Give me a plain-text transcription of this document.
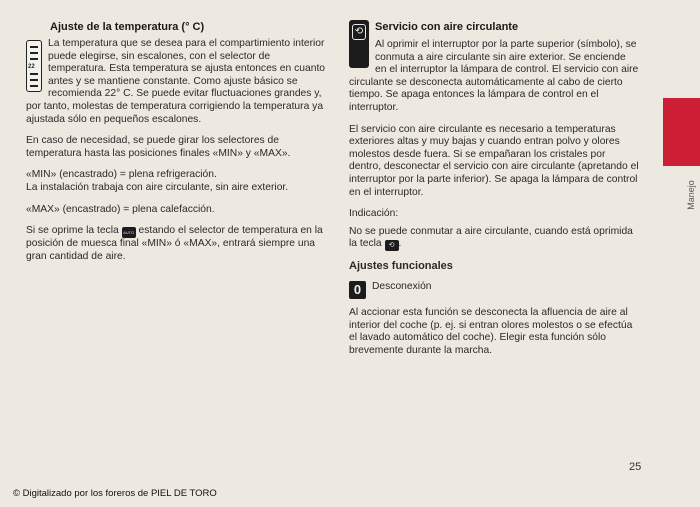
Ajuste de la temperatura (° C)
22

La temperatura que se desea para el compartimiento interior puede elegirse, sin escalones, con el selector de temperatura. Esta temperatura se ajusta entonces en cuanto antes y se mantiene constante. Como ajuste básico se recomienda 22° C. Se puede evitar fluctuaciones grandes y, por tanto, molestas de temperatura corrigiendo la temperatura ya ajustada sólo en pequeños escalones.

En caso de necesidad, se puede girar los selectores de temperatura hasta las posiciones finales «MIN» y «MAX».

«MIN» (encastrado) = plena refrigeración.
La instalación trabaja con aire circulante, sin aire exterior.

«MAX» (encastrado) = plena calefacción.

Si se oprime la tecla AUTO estando el selector de temperatura en la posición de muesca final «MIN» ó «MAX», entrará siempre una gran cantidad de aire.

⟲	Servicio con aire circulante

Al oprimir el interruptor por la parte superior (símbolo), se conmuta a aire circulante sin aire exterior. Se enciende en el interruptor la lámpara de control. El servicio con aire circulante se desconecta automáticamente al cabo de cierto tiempo. Se apaga entonces la lámpara de control en el interruptor.

El servicio con aire circulante es necesario a temperaturas exteriores altas y muy bajas y cuando entran polvo y olores molestos desde fuera. Si se empañaran los cristales por dentro, desconectar el servicio con aire circulante (apretando el interruptor por la parte inferior). Se apaga la lámpara de control en el interruptor.

Indicación:

No se puede conmutar a aire circulante, cuando está oprimida la tecla ⟲ .

Ajustes funcionales
0	Desconexión

Al accionar esta función se desconecta la afluencia de aire al interior del coche (p. ej. si entran olores molestos o se efectúa el lavado automático del coche). Elegir esta función sólo brevemente durante la marcha.

Manejo
25
© Digitalizado por los foreros de PIEL DE TORO
